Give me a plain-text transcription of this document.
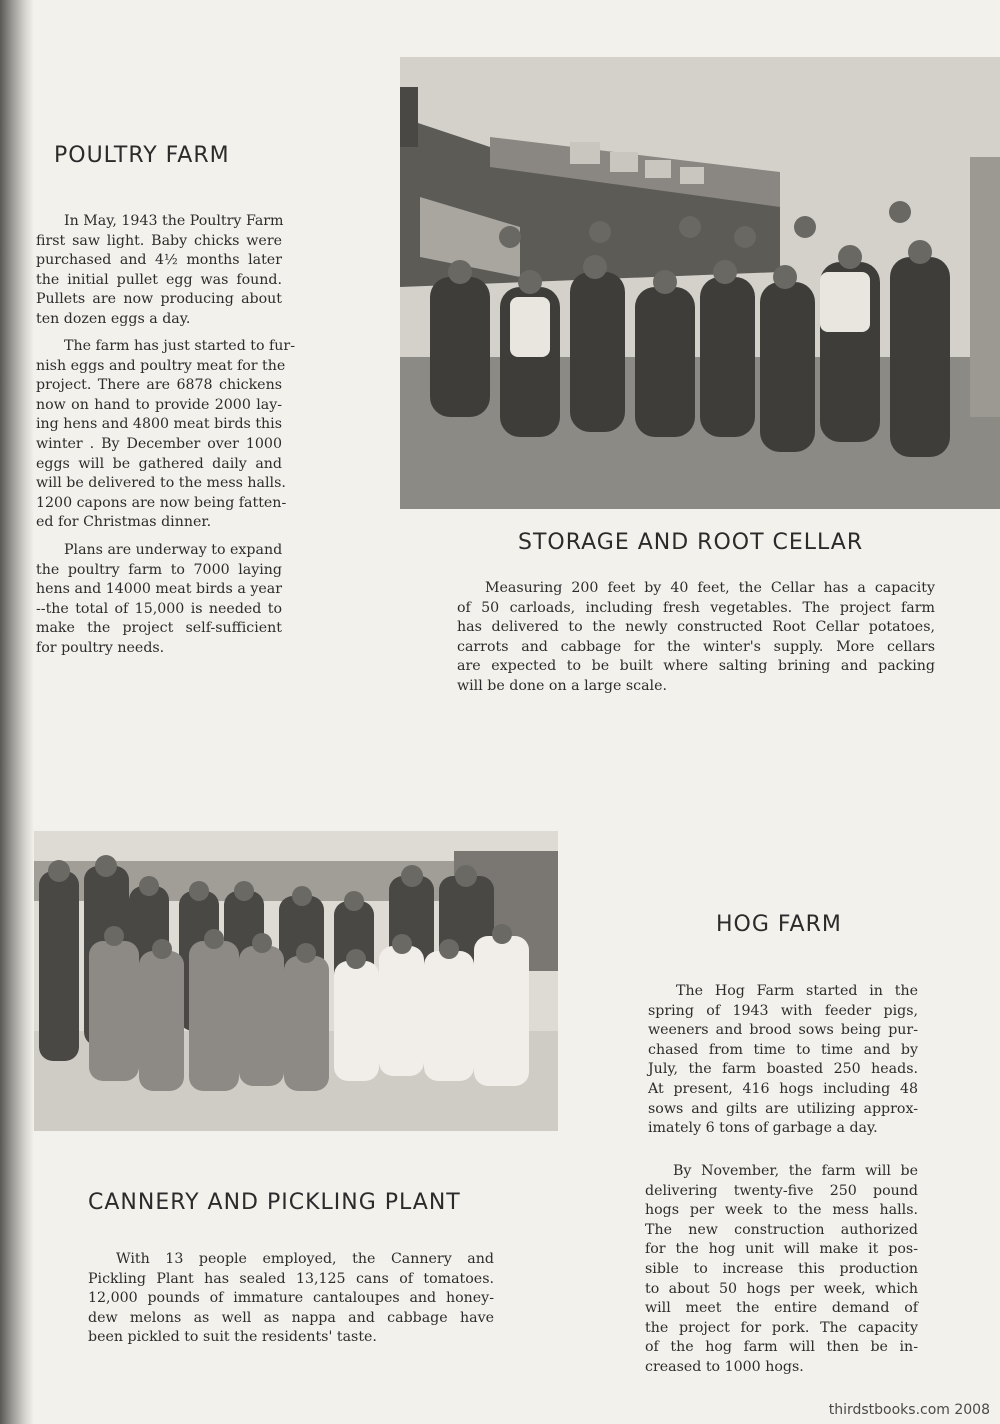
POULTRY FARM
In May, 1943 the Poultry Farm
first saw light. Baby chicks were
purchased and 4½ months later
the initial pullet egg was found.
Pullets are now producing about
ten dozen eggs a day.
The farm has just started to fur-
nish eggs and poultry meat for the
project. There are 6878 chickens
now on hand to provide 2000 lay-
ing hens and 4800 meat birds this
winter . By December over 1000
eggs will be gathered daily and
will be delivered to the mess halls.
1200 capons are now being fatten-
ed for Christmas dinner.
Plans are underway to expand
the poultry farm to 7000 laying
hens and 14000 meat birds a year
--the total of 15,000 is needed to
make the project self-sufficient
for poultry needs.
STORAGE AND ROOT CELLAR
Measuring 200 feet by 40 feet, the Cellar has a capacity
of 50 carloads, including fresh vegetables. The project farm
has delivered to the newly constructed Root Cellar potatoes,
carrots and cabbage for the winter's supply. More cellars
are expected to be built where salting brining and packing
will be done on a large scale.
HOG FARM
The Hog Farm started in the
spring of 1943 with feeder pigs,
weeners and brood sows being pur-
chased from time to time and by
July, the farm boasted 250 heads.
At present, 416 hogs including 48
sows and gilts are utilizing approx-
imately 6 tons of garbage a day.
By November, the farm will be
delivering twenty-five 250 pound
hogs per week to the mess halls.
The new construction authorized
for the hog unit will make it pos-
sible to increase this production
to about 50 hogs per week, which
will meet the entire demand of
the project for pork. The capacity
of the hog farm will then be in-
creased to 1000 hogs.
CANNERY AND PICKLING PLANT
With 13 people employed, the Cannery and
Pickling Plant has sealed 13,125 cans of tomatoes.
12,000 pounds of immature cantaloupes and honey-
dew melons as well as nappa and cabbage have
been pickled to suit the residents' taste.

thirdstbooks.com 2008
